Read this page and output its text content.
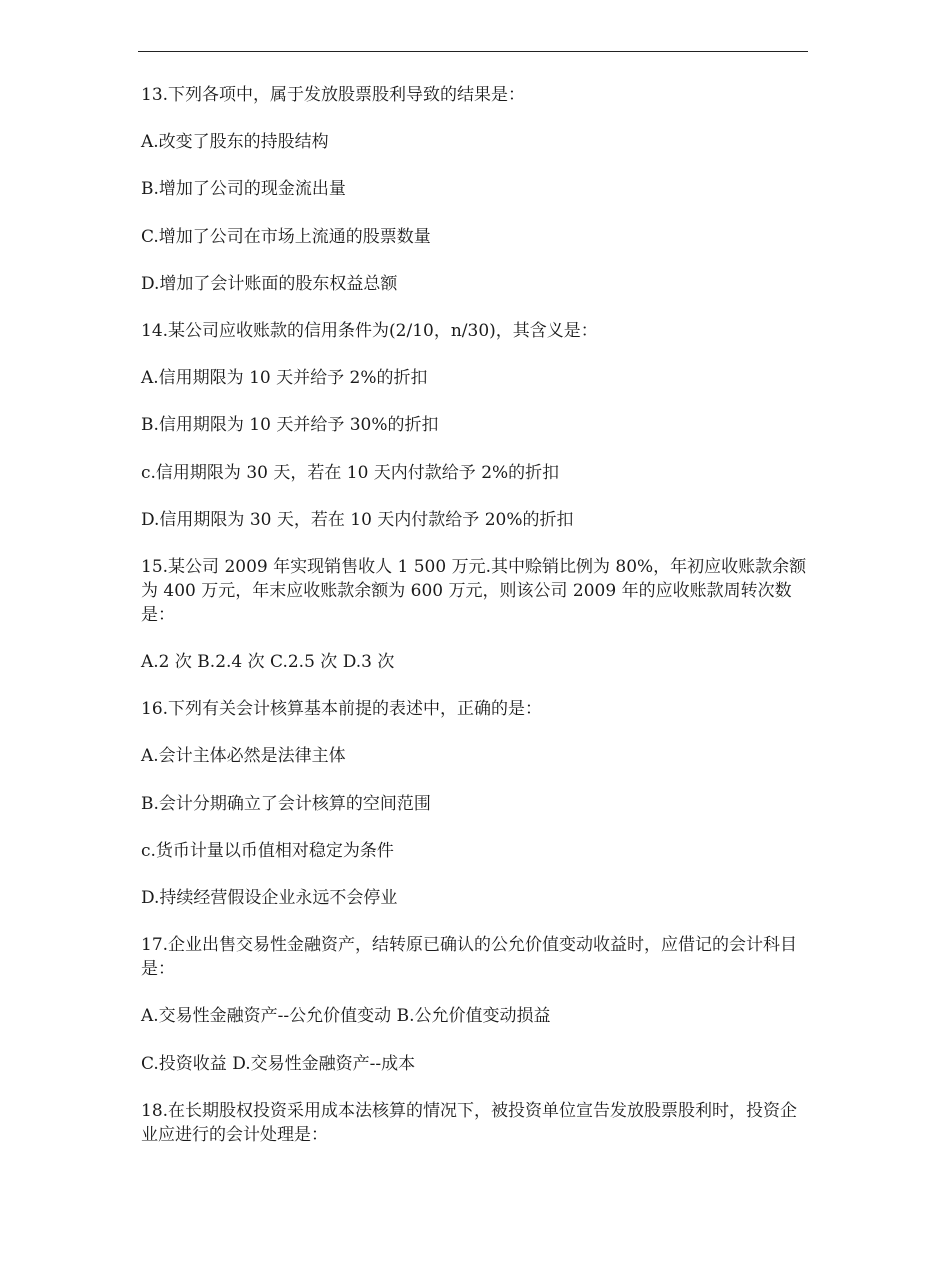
13.下列各项中，属于发放股票股利导致的结果是：

A.改变了股东的持股结构

B.增加了公司的现金流出量

C.增加了公司在市场上流通的股票数量

D.增加了会计账面的股东权益总额

14.某公司应收账款的信用条件为(2/10，n/30)，其含义是：

A.信用期限为 10 天并给予 2%的折扣

B.信用期限为 10 天并给予 30%的折扣

c.信用期限为 30 天，若在 10 天内付款给予 2%的折扣

D.信用期限为 30 天，若在 10 天内付款给予 20%的折扣

15.某公司 2009 年实现销售收人 1 500 万元.其中赊销比例为 80%，年初应收账款余额为 400 万元，年末应收账款余额为 600 万元，则该公司 2009 年的应收账款周转次数是：

A.2 次 B.2.4 次 C.2.5 次 D.3 次

16.下列有关会计核算基本前提的表述中，正确的是：

A.会计主体必然是法律主体

B.会计分期确立了会计核算的空间范围

c.货币计量以币值相对稳定为条件

D.持续经营假设企业永远不会停业

17.企业出售交易性金融资产，结转原已确认的公允价值变动收益时，应借记的会计科目是：

A.交易性金融资产--公允价值变动 B.公允价值变动损益

C.投资收益 D.交易性金融资产--成本

18.在长期股权投资采用成本法核算的情况下，被投资单位宣告发放股票股利时，投资企业应进行的会计处理是：
